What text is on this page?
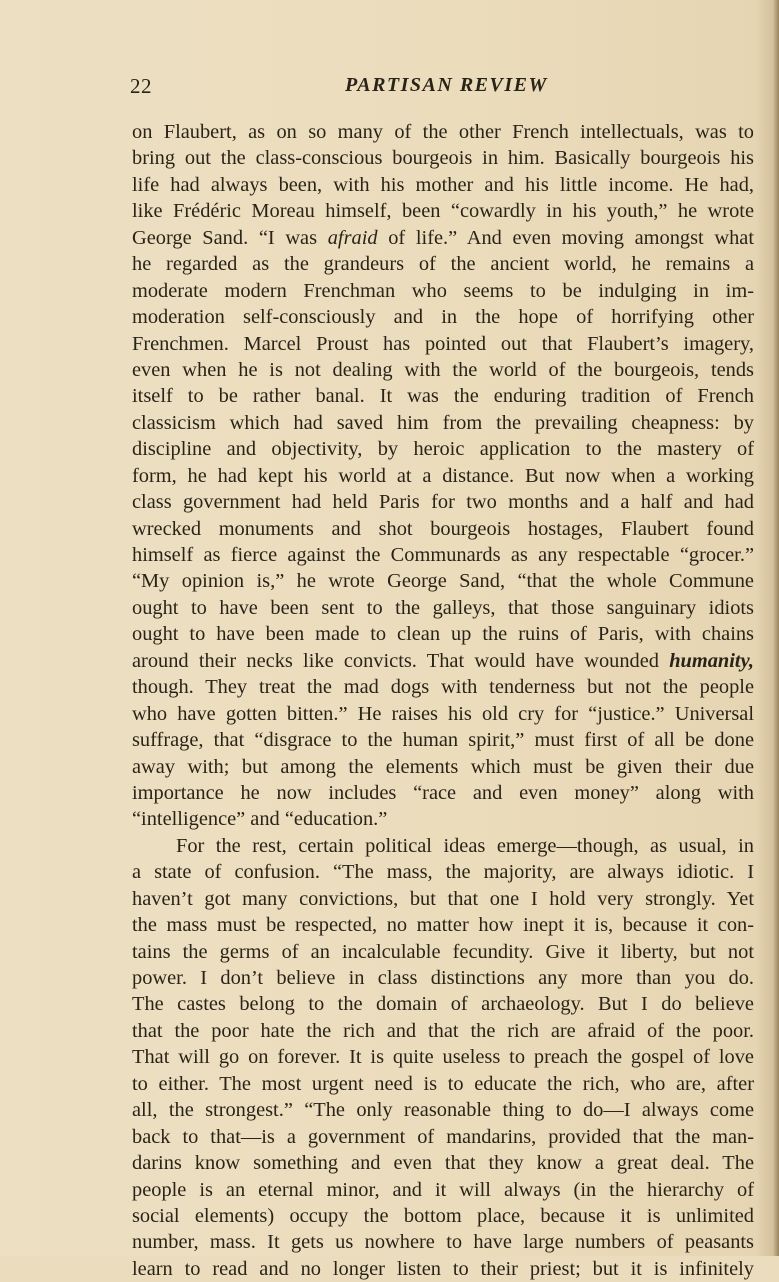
22	PARTISAN REVIEW
on Flaubert, as on so many of the other French intellectuals, was to
bring out the class-conscious bourgeois in him. Basically bourgeois his
life had always been, with his mother and his little income. He had,
like Frédéric Moreau himself, been “cowardly in his youth,” he wrote
George Sand. “I was afraid of life.” And even moving amongst what
he regarded as the grandeurs of the ancient world, he remains a
moderate modern Frenchman who seems to be indulging in im-
moderation self-consciously and in the hope of horrifying other
Frenchmen. Marcel Proust has pointed out that Flaubert’s imagery,
even when he is not dealing with the world of the bourgeois, tends
itself to be rather banal. It was the enduring tradition of French
classicism which had saved him from the prevailing cheapness: by
discipline and objectivity, by heroic application to the mastery of
form, he had kept his world at a distance. But now when a working
class government had held Paris for two months and a half and had
wrecked monuments and shot bourgeois hostages, Flaubert found
himself as fierce against the Communards as any respectable “grocer.”
“My opinion is,” he wrote George Sand, “that the whole Commune
ought to have been sent to the galleys, that those sanguinary idiots
ought to have been made to clean up the ruins of Paris, with chains
around their necks like convicts. That would have wounded humanity,
though. They treat the mad dogs with tenderness but not the people
who have gotten bitten.” He raises his old cry for “justice.” Universal
suffrage, that “disgrace to the human spirit,” must first of all be done
away with; but among the elements which must be given their due
importance he now includes “race and even money” along with
“intelligence” and “education.”
For the rest, certain political ideas emerge—though, as usual, in
a state of confusion. “The mass, the majority, are always idiotic. I
haven’t got many convictions, but that one I hold very strongly. Yet
the mass must be respected, no matter how inept it is, because it con-
tains the germs of an incalculable fecundity. Give it liberty, but not
power. I don’t believe in class distinctions any more than you do.
The castes belong to the domain of archaeology. But I do believe
that the poor hate the rich and that the rich are afraid of the poor.
That will go on forever. It is quite useless to preach the gospel of love
to either. The most urgent need is to educate the rich, who are, after
all, the strongest.” “The only reasonable thing to do—I always come
back to that—is a government of mandarins, provided that the man-
darins know something and even that they know a great deal. The
people is an eternal minor, and it will always (in the hierarchy of
social elements) occupy the bottom place, because it is unlimited
number, mass. It gets us nowhere to have large numbers of peasants
learn to read and no longer listen to their priest; but it is infinitely
